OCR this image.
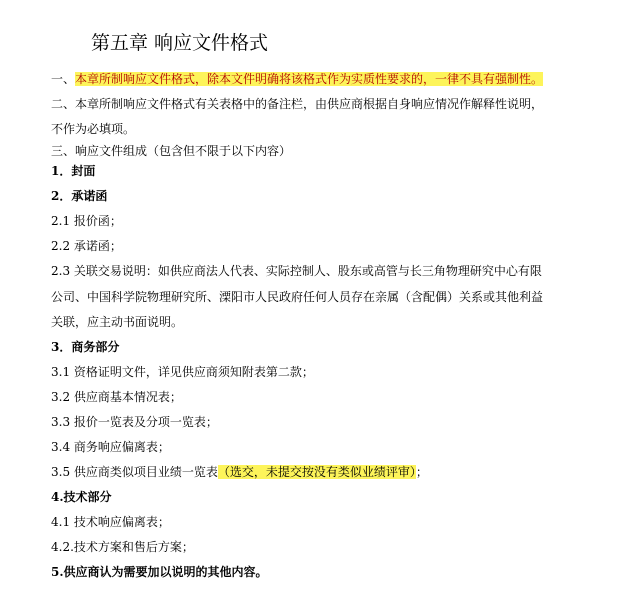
第五章 响应文件格式
一、本章所制响应文件格式，除本文件明确将该格式作为实质性要求的，一律不具有强制性。
二、本章所制响应文件格式有关表格中的备注栏，由供应商根据自身响应情况作解释性说明，
不作为必填项。
三、响应文件组成（包含但不限于以下内容）
1．封面
2．承诺函
2.1 报价函；
2.2 承诺函；
2.3 关联交易说明：如供应商法人代表、实际控制人、股东或高管与长三角物理研究中心有限
公司、中国科学院物理研究所、溧阳市人民政府任何人员存在亲属（含配偶）关系或其他利益
关联，应主动书面说明。
3．商务部分
3.1 资格证明文件，详见供应商须知附表第二款；
3.2 供应商基本情况表；
3.3 报价一览表及分项一览表；
3.4 商务响应偏离表；
3.5 供应商类似项目业绩一览表（选交，未提交按没有类似业绩评审）；
4.技术部分
4.1 技术响应偏离表；
4.2.技术方案和售后方案；
5.供应商认为需要加以说明的其他内容。
